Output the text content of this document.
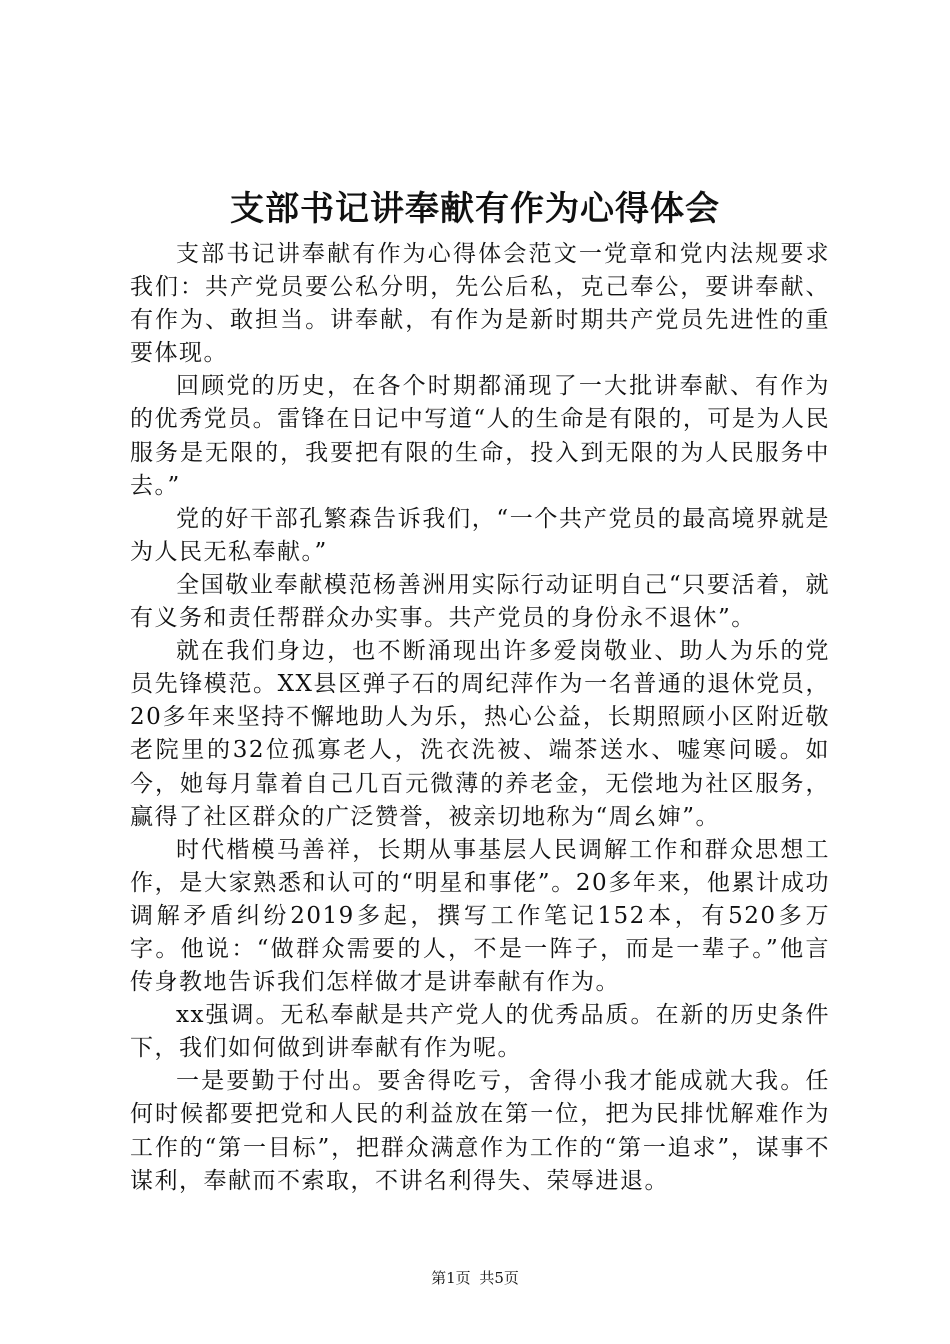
支部书记讲奉献有作为心得体会

支部书记讲奉献有作为心得体会范文一党章和党内法规要求我们：共产党员要公私分明，先公后私，克己奉公，要讲奉献、有作为、敢担当。讲奉献，有作为是新时期共产党员先进性的重要体现。

回顾党的历史，在各个时期都涌现了一大批讲奉献、有作为的优秀党员。雷锋在日记中写道“人的生命是有限的，可是为人民服务是无限的，我要把有限的生命，投入到无限的为人民服务中去。”

党的好干部孔繁森告诉我们，“一个共产党员的最高境界就是为人民无私奉献。”

全国敬业奉献模范杨善洲用实际行动证明自己“只要活着，就有义务和责任帮群众办实事。共产党员的身份永不退休”。

就在我们身边，也不断涌现出许多爱岗敬业、助人为乐的党员先锋模范。XX县区弹子石的周纪萍作为一名普通的退休党员，20多年来坚持不懈地助人为乐，热心公益，长期照顾小区附近敬老院里的32位孤寡老人，洗衣洗被、端茶送水、嘘寒问暖。如今，她每月靠着自己几百元微薄的养老金，无偿地为社区服务，赢得了社区群众的广泛赞誉，被亲切地称为“周幺婶”。

时代楷模马善祥，长期从事基层人民调解工作和群众思想工作，是大家熟悉和认可的“明星和事佬”。20多年来，他累计成功调解矛盾纠纷2019多起，撰写工作笔记152本，有520多万字。他说：“做群众需要的人，不是一阵子，而是一辈子。”他言传身教地告诉我们怎样做才是讲奉献有作为。

xx强调。无私奉献是共产党人的优秀品质。在新的历史条件下，我们如何做到讲奉献有作为呢。

一是要勤于付出。要舍得吃亏，舍得小我才能成就大我。任何时候都要把党和人民的利益放在第一位，把为民排忧解难作为工作的“第一目标”，把群众满意作为工作的“第一追求”，谋事不谋利，奉献而不索取，不讲名利得失、荣辱进退。

第1页 共5页
